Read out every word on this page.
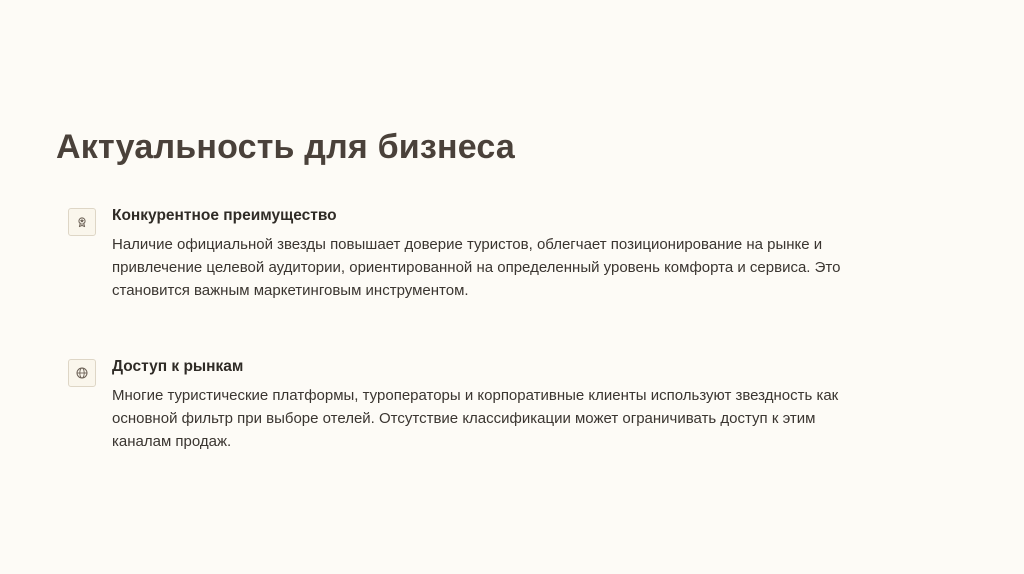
Актуальность для бизнеса

Конкурентное преимущество

Наличие официальной звезды повышает доверие туристов, облегчает позиционирование на рынке и привлечение целевой аудитории, ориентированной на определенный уровень комфорта и сервиса. Это становится важным маркетинговым инструментом.

Доступ к рынкам

Многие туристические платформы, туроператоры и корпоративные клиенты используют звездность как основной фильтр при выборе отелей. Отсутствие классификации может ограничивать доступ к этим каналам продаж.
